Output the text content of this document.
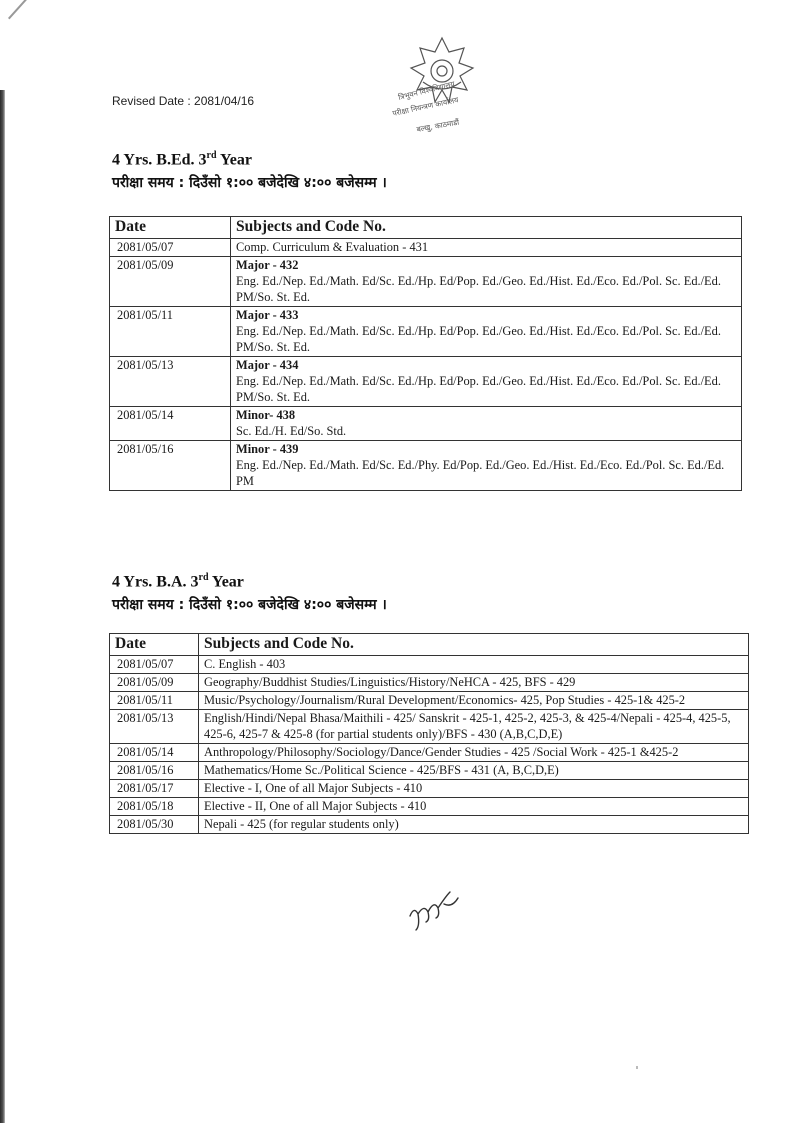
Revised Date : 2081/04/16	त्रिभुवन विश्वविद्यालय
परीक्षा नियन्त्रण कार्यालय
बल्खु, काठमाडौं
4 Yrs. B.Ed. 3rd Year
परीक्षा समय : दिउँसो १:०० बजेदेखि ४:०० बजेसम्म ।
Date	Subjects and Code No.
2081/05/07	Comp. Curriculum & Evaluation - 431
2081/05/09	Major - 432
Eng. Ed./Nep. Ed./Math. Ed/Sc. Ed./Hp. Ed/Pop. Ed./Geo. Ed./Hist. Ed./Eco. Ed./Pol. Sc. Ed./Ed. PM/So. St. Ed.
2081/05/11	Major - 433
Eng. Ed./Nep. Ed./Math. Ed/Sc. Ed./Hp. Ed/Pop. Ed./Geo. Ed./Hist. Ed./Eco. Ed./Pol. Sc. Ed./Ed. PM/So. St. Ed.
2081/05/13	Major - 434
Eng. Ed./Nep. Ed./Math. Ed/Sc. Ed./Hp. Ed/Pop. Ed./Geo. Ed./Hist. Ed./Eco. Ed./Pol. Sc. Ed./Ed. PM/So. St. Ed.
2081/05/14	Minor- 438
Sc. Ed./H. Ed/So. Std.
2081/05/16	Minor - 439
Eng. Ed./Nep. Ed./Math. Ed/Sc. Ed./Phy. Ed/Pop. Ed./Geo. Ed./Hist. Ed./Eco. Ed./Pol. Sc. Ed./Ed. PM
4 Yrs. B.A. 3rd Year
परीक्षा समय : दिउँसो १:०० बजेदेखि ४:०० बजेसम्म ।
Date	Subjects and Code No.
2081/05/07	C. English - 403
2081/05/09	Geography/Buddhist Studies/Linguistics/History/NeHCA - 425, BFS - 429
2081/05/11	Music/Psychology/Journalism/Rural Development/Economics- 425, Pop Studies - 425-1& 425-2
2081/05/13	English/Hindi/Nepal Bhasa/Maithili - 425/ Sanskrit - 425-1, 425-2, 425-3, & 425-4/Nepali - 425-4, 425-5, 425-6, 425-7 & 425-8 (for partial students only)/BFS - 430 (A,B,C,D,E)
2081/05/14	Anthropology/Philosophy/Sociology/Dance/Gender Studies - 425 /Social Work - 425-1 &425-2
2081/05/16	Mathematics/Home Sc./Political Science - 425/BFS - 431 (A, B,C,D,E)
2081/05/17	Elective - I, One of all Major Subjects - 410
2081/05/18	Elective - II, One of all Major Subjects - 410
2081/05/30	Nepali - 425 (for regular students only)
